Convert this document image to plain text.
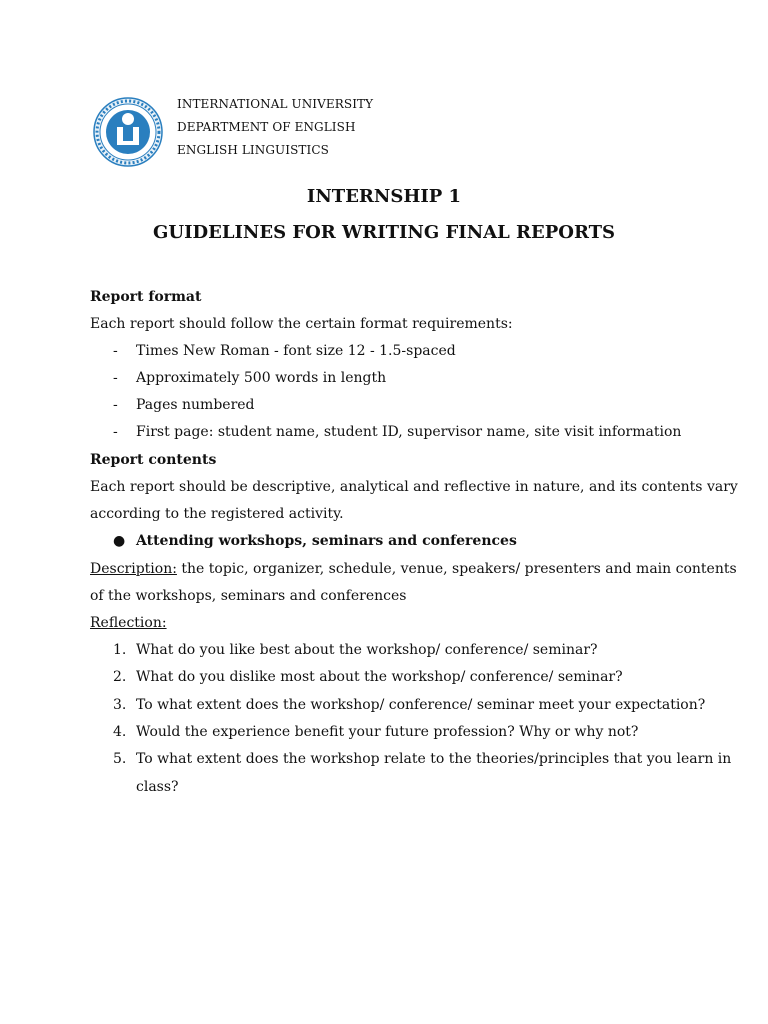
INTERNATIONAL UNIVERSITY
DEPARTMENT OF ENGLISH
ENGLISH LINGUISTICS
INTERNSHIP 1
GUIDELINES FOR WRITING FINAL REPORTS
Report format
Each report should follow the certain format requirements:
- Times New Roman - font size 12 - 1.5-spaced
- Approximately 500 words in length
- Pages numbered
- First page: student name, student ID, supervisor name, site visit information
Report contents
Each report should be descriptive, analytical and reflective in nature, and its contents vary
according to the registered activity.
● Attending workshops, seminars and conferences
Description: the topic, organizer, schedule, venue, speakers/ presenters and main contents
of the workshops, seminars and conferences
Reflection:
1. What do you like best about the workshop/ conference/ seminar?
2. What do you dislike most about the workshop/ conference/ seminar?
3. To what extent does the workshop/ conference/ seminar meet your expectation?
4. Would the experience benefit your future profession? Why or why not?
5. To what extent does the workshop relate to the theories/principles that you learn in
class?
